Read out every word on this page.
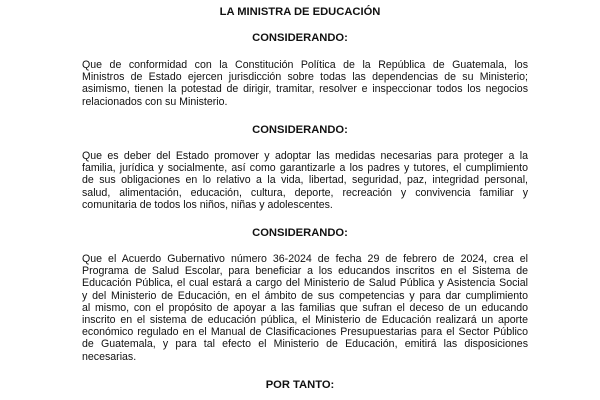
LA MINISTRA DE EDUCACIÓN
CONSIDERANDO:
Que de conformidad con la Constitución Política de la República de Guatemala, los
Ministros de Estado ejercen jurisdicción sobre todas las dependencias de su Ministerio;
asimismo, tienen la potestad de dirigir, tramitar, resolver e inspeccionar todos los negocios
relacionados con su Ministerio.
CONSIDERANDO:
Que es deber del Estado promover y adoptar las medidas necesarias para proteger a la
familia, jurídica y socialmente, así como garantizarle a los padres y tutores, el cumplimiento
de sus obligaciones en lo relativo a la vida, libertad, seguridad, paz, integridad personal,
salud, alimentación, educación, cultura, deporte, recreación y convivencia familiar y
comunitaria de todos los niños, niñas y adolescentes.
CONSIDERANDO:
Que el Acuerdo Gubernativo número 36-2024 de fecha 29 de febrero de 2024, crea el
Programa de Salud Escolar, para beneficiar a los educandos inscritos en el Sistema de
Educación Pública, el cual estará a cargo del Ministerio de Salud Pública y Asistencia Social
y del Ministerio de Educación, en el ámbito de sus competencias y para dar cumplimiento
al mismo, con el propósito de apoyar a las familias que sufran el deceso de un educando
inscrito en el sistema de educación pública, el Ministerio de Educación realizará un aporte
económico regulado en el Manual de Clasificaciones Presupuestarias para el Sector Público
de Guatemala, y para tal efecto el Ministerio de Educación, emitirá las disposiciones
necesarias.
POR TANTO:
